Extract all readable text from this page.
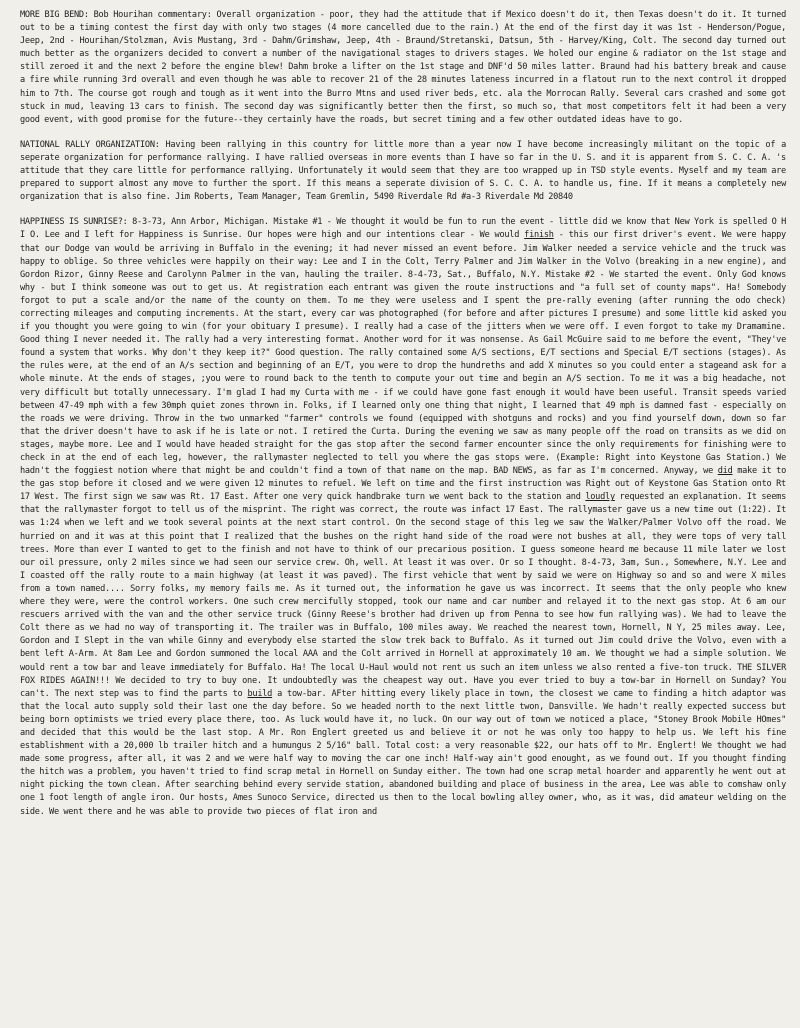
MORE BIG BEND: Bob Hourihan commentary: Overall organization - poor, they had the attitude that if Mexico doesn't do it, then Texas doesn't do it. It turned out to be a timing contest the first day with only two stages (4 more cancelled due to the rain.) At the end of the first day it was 1st - Henderson/Pogue, Jeep, 2nd - Hourihan/Stolzman, Avis Mustang, 3rd - Dahm/Grimshaw, Jeep, 4th - Braund/Stretanski, Datsun, 5th - Harvey/King, Colt. The second day turned out much better as the organizers decided to convert a number of the navigational stages to drivers stages. We holed our engine & radiator on the 1st stage and still zeroed it and the next 2 before the engine blew! Dahm broke a lifter on the 1st stage and DNF'd 50 miles latter. Braund had his battery break and cause a fire while running 3rd overall and even though he was able to recover 21 of the 28 minutes lateness incurred in a flatout run to the next control it dropped him to 7th. The course got rough and tough as it went into the Burro Mtns and used river beds, etc. ala the Morrocan Rally. Several cars crashed and some got stuck in mud, leaving 13 cars to finish. The second day was significantly better then the first, so much so, that most competitors felt it had been a very good event, with good promise for the future--they certainly have the roads, but secret timing and a few other outdated ideas have to go.

NATIONAL RALLY ORGANIZATION: Having been rallying in this country for little more than a year now I have become increasingly militant on the topic of a seperate organization for performance rallying. I have rallied overseas in more events than I have so far in the U. S. and it is apparent from S. C. C. A. 's attitude that they care little for performance rallying. Unfortunately it would seem that they are too wrapped up in TSD style events. Myself and my team are prepared to support almost any move to further the sport. If this means a seperate division of S. C. C. A. to handle us, fine. If it means a completely new organization that is also fine. Jim Roberts, Team Manager, Team Gremlin, 5490 Riverdale Rd #a-3 Riverdale Md 20840

HAPPINESS IS SUNRISE?: 8-3-73, Ann Arbor, Michigan. Mistake #1 - We thought it would be fun to run the event - little did we know that New York is spelled O H I O. Lee and I left for Happiness is Sunrise. Our hopes were high and our intentions clear - We would finish - this our first driver's event. We were happy that our Dodge van would be arriving in Buffalo in the evening; it had never missed an event before. Jim Walker needed a service vehicle and the truck was happy to oblige. So three vehicles were happily on their way: Lee and I in the Colt, Terry Palmer and Jim Walker in the Volvo (breaking in a new engine), and Gordon Rizor, Ginny Reese and Carolynn Palmer in the van, hauling the trailer. 8-4-73, Sat., Buffalo, N.Y. Mistake #2 - We started the event. Only God knows why - but I think someone was out to get us. At registration each entrant was given the route instructions and "a full set of county maps". Ha! Somebody forgot to put a scale and/or the name of the county on them. To me they were useless and I spent the pre-rally evening (after running the odo check) correcting mileages and computing increments. At the start, every car was photographed (for before and after pictures I presume) and some little kid asked you if you thought you were going to win (for your obituary I presume). I really had a case of the jitters when we were off. I even forgot to take my Dramamine. Good thing I never needed it. The rally had a very interesting format. Another word for it was nonsense. As Gail McGuire said to me before the event, "They've found a system that works. Why don't they keep it?" Good question. The rally contained some A/S sections, E/T sections and Special E/T sections (stages). As the rules were, at the end of an A/s section and beginning of an E/T, you were to drop the hundreths and add X minutes so you could enter a stageand ask for a whole minute. At the ends of stages, ;you were to round back to the tenth to compute your out time and begin an A/S section. To me it was a big headache, not very difficult but totally unnecessary. I'm glad I had my Curta with me - if we could have gone fast enough it would have been useful. Transit speeds varied between 47-49 mph with a few 30mph quiet zones thrown in. Folks, if I learned only one thing that night, I learned that 49 mph is damned fast - especially on the roads we were driving. Throw in the two unmarked "farmer" controls we found (equipped with shotguns and rocks) and you find yourself down, down so far that the driver doesn't have to ask if he is late or not. I retired the Curta. During the evening we saw as many people off the road on transits as we did on stages, maybe more. Lee and I would have headed straight for the gas stop after the second farmer encounter since the only requirements for finishing were to check in at the end of each leg, however, the rallymaster neglected to tell you where the gas stops were. (Example: Right into Keystone Gas Station.) We hadn't the foggiest notion where that might be and couldn't find a town of that name on the map. BAD NEWS, as far as I'm concerned. Anyway, we did make it to the gas stop before it closed and we were given 12 minutes to refuel. We left on time and the first instruction was Right out of Keystone Gas Station onto Rt 17 West. The first sign we saw was Rt. 17 East. After one very quick handbrake turn we went back to the station and loudly requested an explanation. It seems that the rallymaster forgot to tell us of the misprint. The right was correct, the route was infact 17 East. The rallymaster gave us a new time out (1:22). It was 1:24 when we left and we took several points at the next start control. On the second stage of this leg we saw the Walker/Palmer Volvo off the road. We hurried on and it was at this point that I realized that the bushes on the right hand side of the road were not bushes at all, they were tops of very tall trees. More than ever I wanted to get to the finish and not have to think of our precarious position. I guess someone heard me because 11 mile later we lost our oil pressure, only 2 miles since we had seen our service crew. Oh, well. At least it was over. Or so I thought. 8-4-73, 3am, Sun., Somewhere, N.Y. Lee and I coasted off the rally route to a main highway (at least it was paved). The first vehicle that went by said we were on Highway so and so and were X miles from a town named.... Sorry folks, my memory fails me. As it turned out, the information he gave us was incorrect. It seems that the only people who knew where they were, were the control workers. One such crew mercifully stopped, took our name and car number and relayed it to the next gas stop. At 6 am our rescuers arrived with the van and the other service truck (Ginny Reese's brother had driven up from Penna to see how fun rallying was). We had to leave the Colt there as we had no way of transporting it. The trailer was in Buffalo, 100 miles away. We reached the nearest town, Hornell, N Y, 25 miles away. Lee, Gordon and I Slept in the van while Ginny and everybody else started the slow trek back to Buffalo. As it turned out Jim could drive the Volvo, even with a bent left A-Arm. At 8am Lee and Gordon summoned the local AAA and the Colt arrived in Hornell at approximately 10 am. We thought we had a simple solution. We would rent a tow bar and leave immediately for Buffalo. Ha! The local U-Haul would not rent us such an item unless we also rented a five-ton truck. THE SILVER FOX RIDES AGAIN!!! We decided to try to buy one. It undoubtedly was the cheapest way out. Have you ever tried to buy a tow-bar in Hornell on Sunday? You can't. The next step was to find the parts to build a tow-bar. AFter hitting every likely place in town, the closest we came to finding a hitch adaptor was that the local auto supply sold their last one the day before. So we headed north to the next little twon, Dansville. We hadn't really expected success but being born optimists we tried every place there, too. As luck would have it, no luck. On our way out of town we noticed a place, "Stoney Brook Mobile HOmes" and decided that this would be the last stop. A Mr. Ron Englert greeted us and believe it or not he was only too happy to help us. We left his fine establishment with a 20,000 lb trailer hitch and a humungus 2 5/16" ball. Total cost: a very reasonable $22, our hats off to Mr. Englert! We thought we had made some progress, after all, it was 2 and we were half way to moving the car one inch! Half-way ain't good enought, as we found out. If you thought finding the hitch was a problem, you haven't tried to find scrap metal in Hornell on Sunday either. The town had one scrap metal hoarder and apparently he went out at night picking the town clean. After searching behind every servide station, abandoned building and place of business in the area, Lee was able to comshaw only one 1 foot length of angle iron. Our hosts, Ames Sunoco Service, directed us then to the local bowling alley owner, who, as it was, did amateur welding on the side. We went there and he was able to provide two pieces of flat iron and
